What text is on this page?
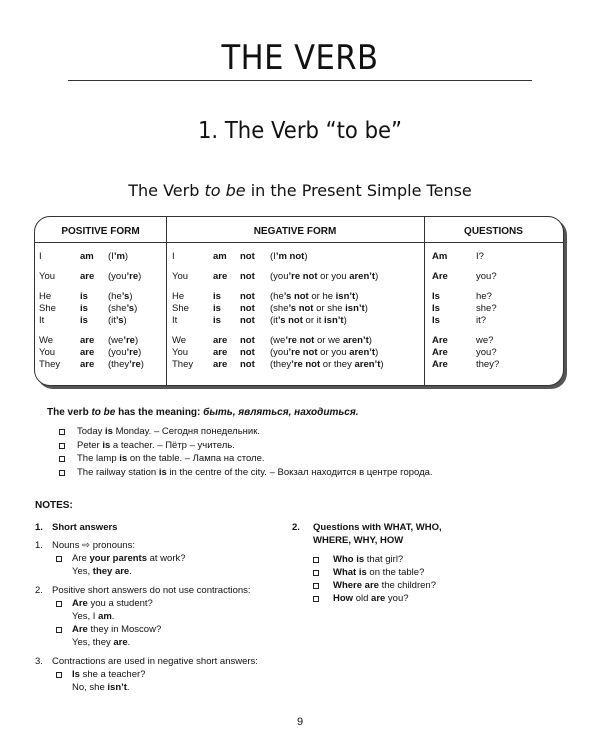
THE VERB
1. The Verb “to be”
The Verb to be in the Present Simple Tense
POSITIVE FORM	NEGATIVE FORM	QUESTIONS
I	am (I’m)	I	am not (I’m not)	Am	I?
You	are (you’re)	You	are not (you’re not or you aren’t)	Are	you?
He	is (he’s)	He	is not (he’s not or he isn’t)	Is	he?
She	is (she’s)	She	is not (she’s not or she isn’t)	Is	she?
It	is (it’s)	It	is not (it’s not or it isn’t)	Is	it?
We	are (we’re)	We	are not (we’re not or we aren’t)	Are	we?
You	are (you’re)	You	are not (you’re not or you aren’t)	Are	you?
They are (they’re)	They are not (they’re not or they aren’t)	Are	they?
The verb to be has the meaning: быть, являться, находиться.
Today is Monday. – Сегодня понедельник.
Peter is a teacher. – Пётр – учитель.
The lamp is on the table. – Лампа на столе.
The railway station is in the centre of the city. – Вокзал находится в центре города.
NOTES:
1. Short answers
1. Nouns ⇨ pronouns:
Are your parents at work?
Yes, they are.
2. Positive short answers do not use contractions:
Are you a student?
Yes, I am.
Are they in Moscow?
Yes, they are.
3. Contractions are used in negative short answers:
Is she a teacher?
No, she isn’t.
2. Questions with WHAT, WHO,
WHERE, WHY, HOW
Who is that girl?
What is on the table?
Where are the children?
How old are you?
9
